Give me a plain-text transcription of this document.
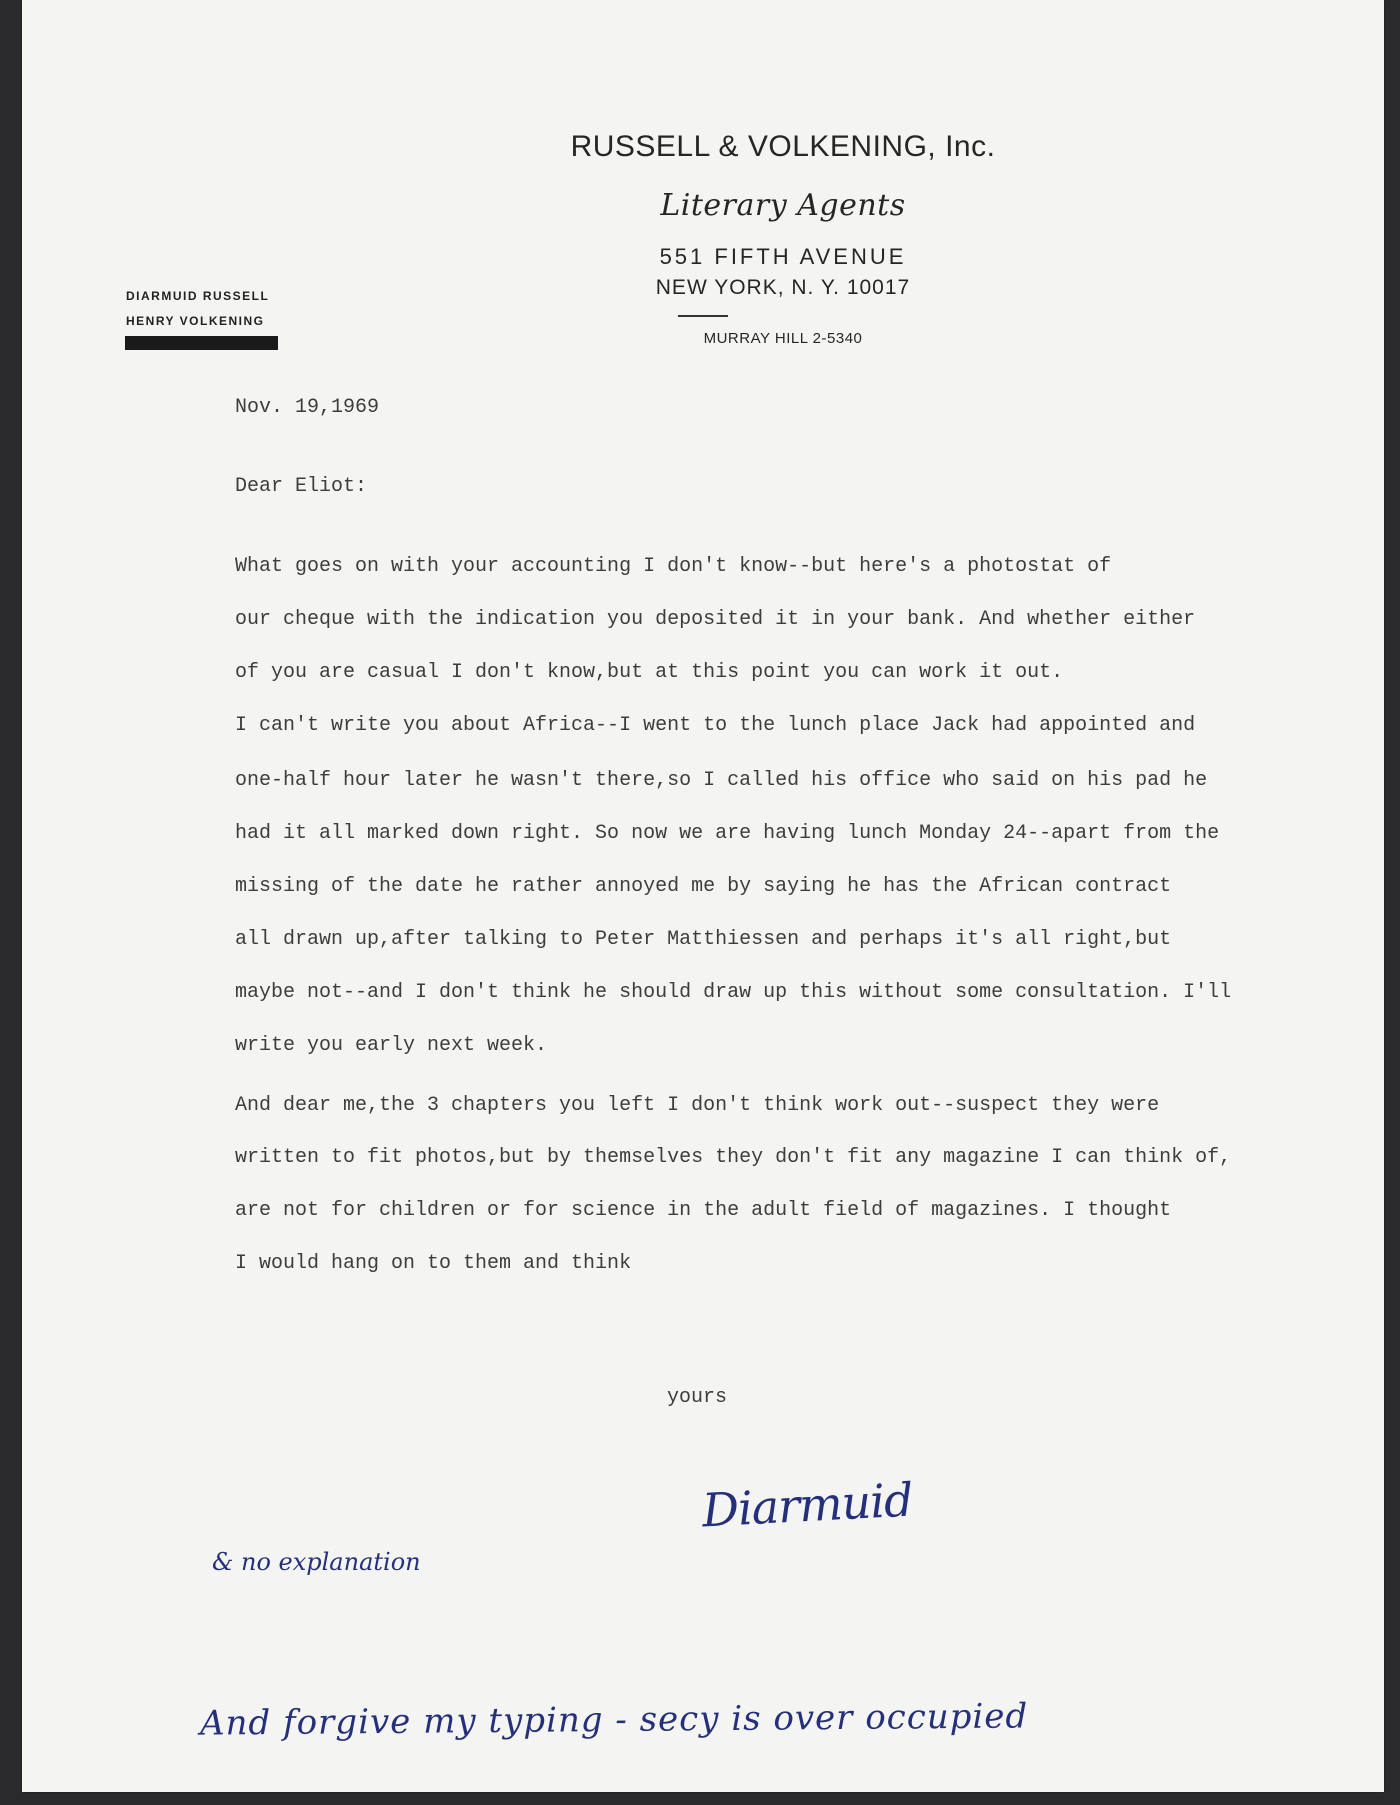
RUSSELL & VOLKENING, Inc.
Literary Agents
551 FIFTH AVENUE
NEW YORK, N. Y. 10017
MURRAY HILL 2-5340
DIARMUID RUSSELL
HENRY VOLKENING
Nov. 19,1969
Dear Eliot:
What goes on with your accounting I don't know--but here's a photostat of
our cheque with the indication you deposited it in your bank. And whether either
of you are casual I don't know,but at this point you can work it out.
I can't write you about Africa--I went to the lunch place Jack had appointed and
one-half hour later he wasn't there,so I called his office who said on his pad he
had it all marked down right. So now we are having lunch Monday 24--apart from the
missing of the date he rather annoyed me by saying he has the African contract
all drawn up,after talking to Peter Matthiessen and perhaps it's all right,but
maybe not--and I don't think he should draw up this without some consultation. I'll
write you early next week.
And dear me,the 3 chapters you left I don't think work out--suspect they were
written to fit photos,but by themselves they don't fit any magazine I can think of,
are not for children or for science in the adult field of magazines. I thought
I would hang on to them and think
yours
Diarmuid
& no explanation
And forgive my typing - secy is over occupied
